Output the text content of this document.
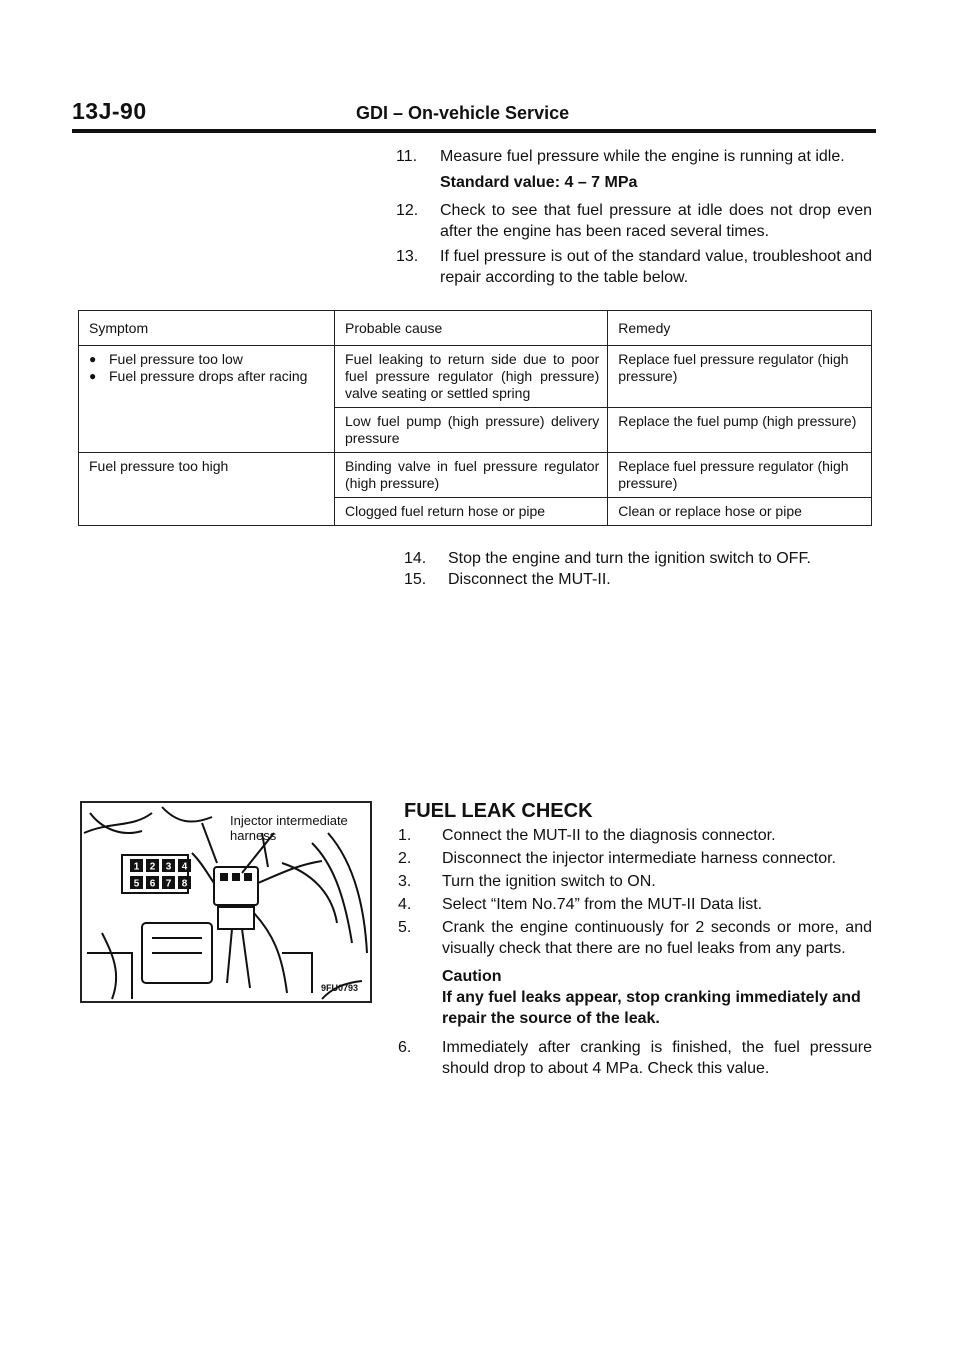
13J-90	GDI – On-vehicle Service
11.	Measure fuel pressure while the engine is running at idle.
Standard value: 4 – 7 MPa
12.	Check to see that fuel pressure at idle does not drop even after the engine has been raced several times.
13.	If fuel pressure is out of the standard value, troubleshoot and repair according to the table below.
Symptom	Probable cause	Remedy

● Fuel pressure too low
● Fuel pressure drops after racing	Fuel leaking to return side due to poor fuel pressure regulator (high pressure) valve seating or settled spring	Replace fuel pressure regulator (high pressure)
	Low fuel pump (high pressure) delivery pressure	Replace the fuel pump (high pressure)
Fuel pressure too high	Binding valve in fuel pressure regulator (high pressure)	Replace fuel pressure regulator (high pressure)
	Clogged fuel return hose or pipe	Clean or replace hose or pipe
14.	Stop the engine and turn the ignition switch to OFF.
15.	Disconnect the MUT-II.
1 2 3 4
5 6 7 8
Injector intermediate
harness
9FU0793
FUEL LEAK CHECK
1.	Connect the MUT-II to the diagnosis connector.
2.	Disconnect the injector intermediate harness connector.
3.	Turn the ignition switch to ON.
4.	Select “Item No.74” from the MUT-II Data list.
5.	Crank the engine continuously for 2 seconds or more, and visually check that there are no fuel leaks from any parts.
Caution
If any fuel leaks appear, stop cranking immediately and repair the source of the leak.
6.	Immediately after cranking is finished, the fuel pressure should drop to about 4 MPa. Check this value.
